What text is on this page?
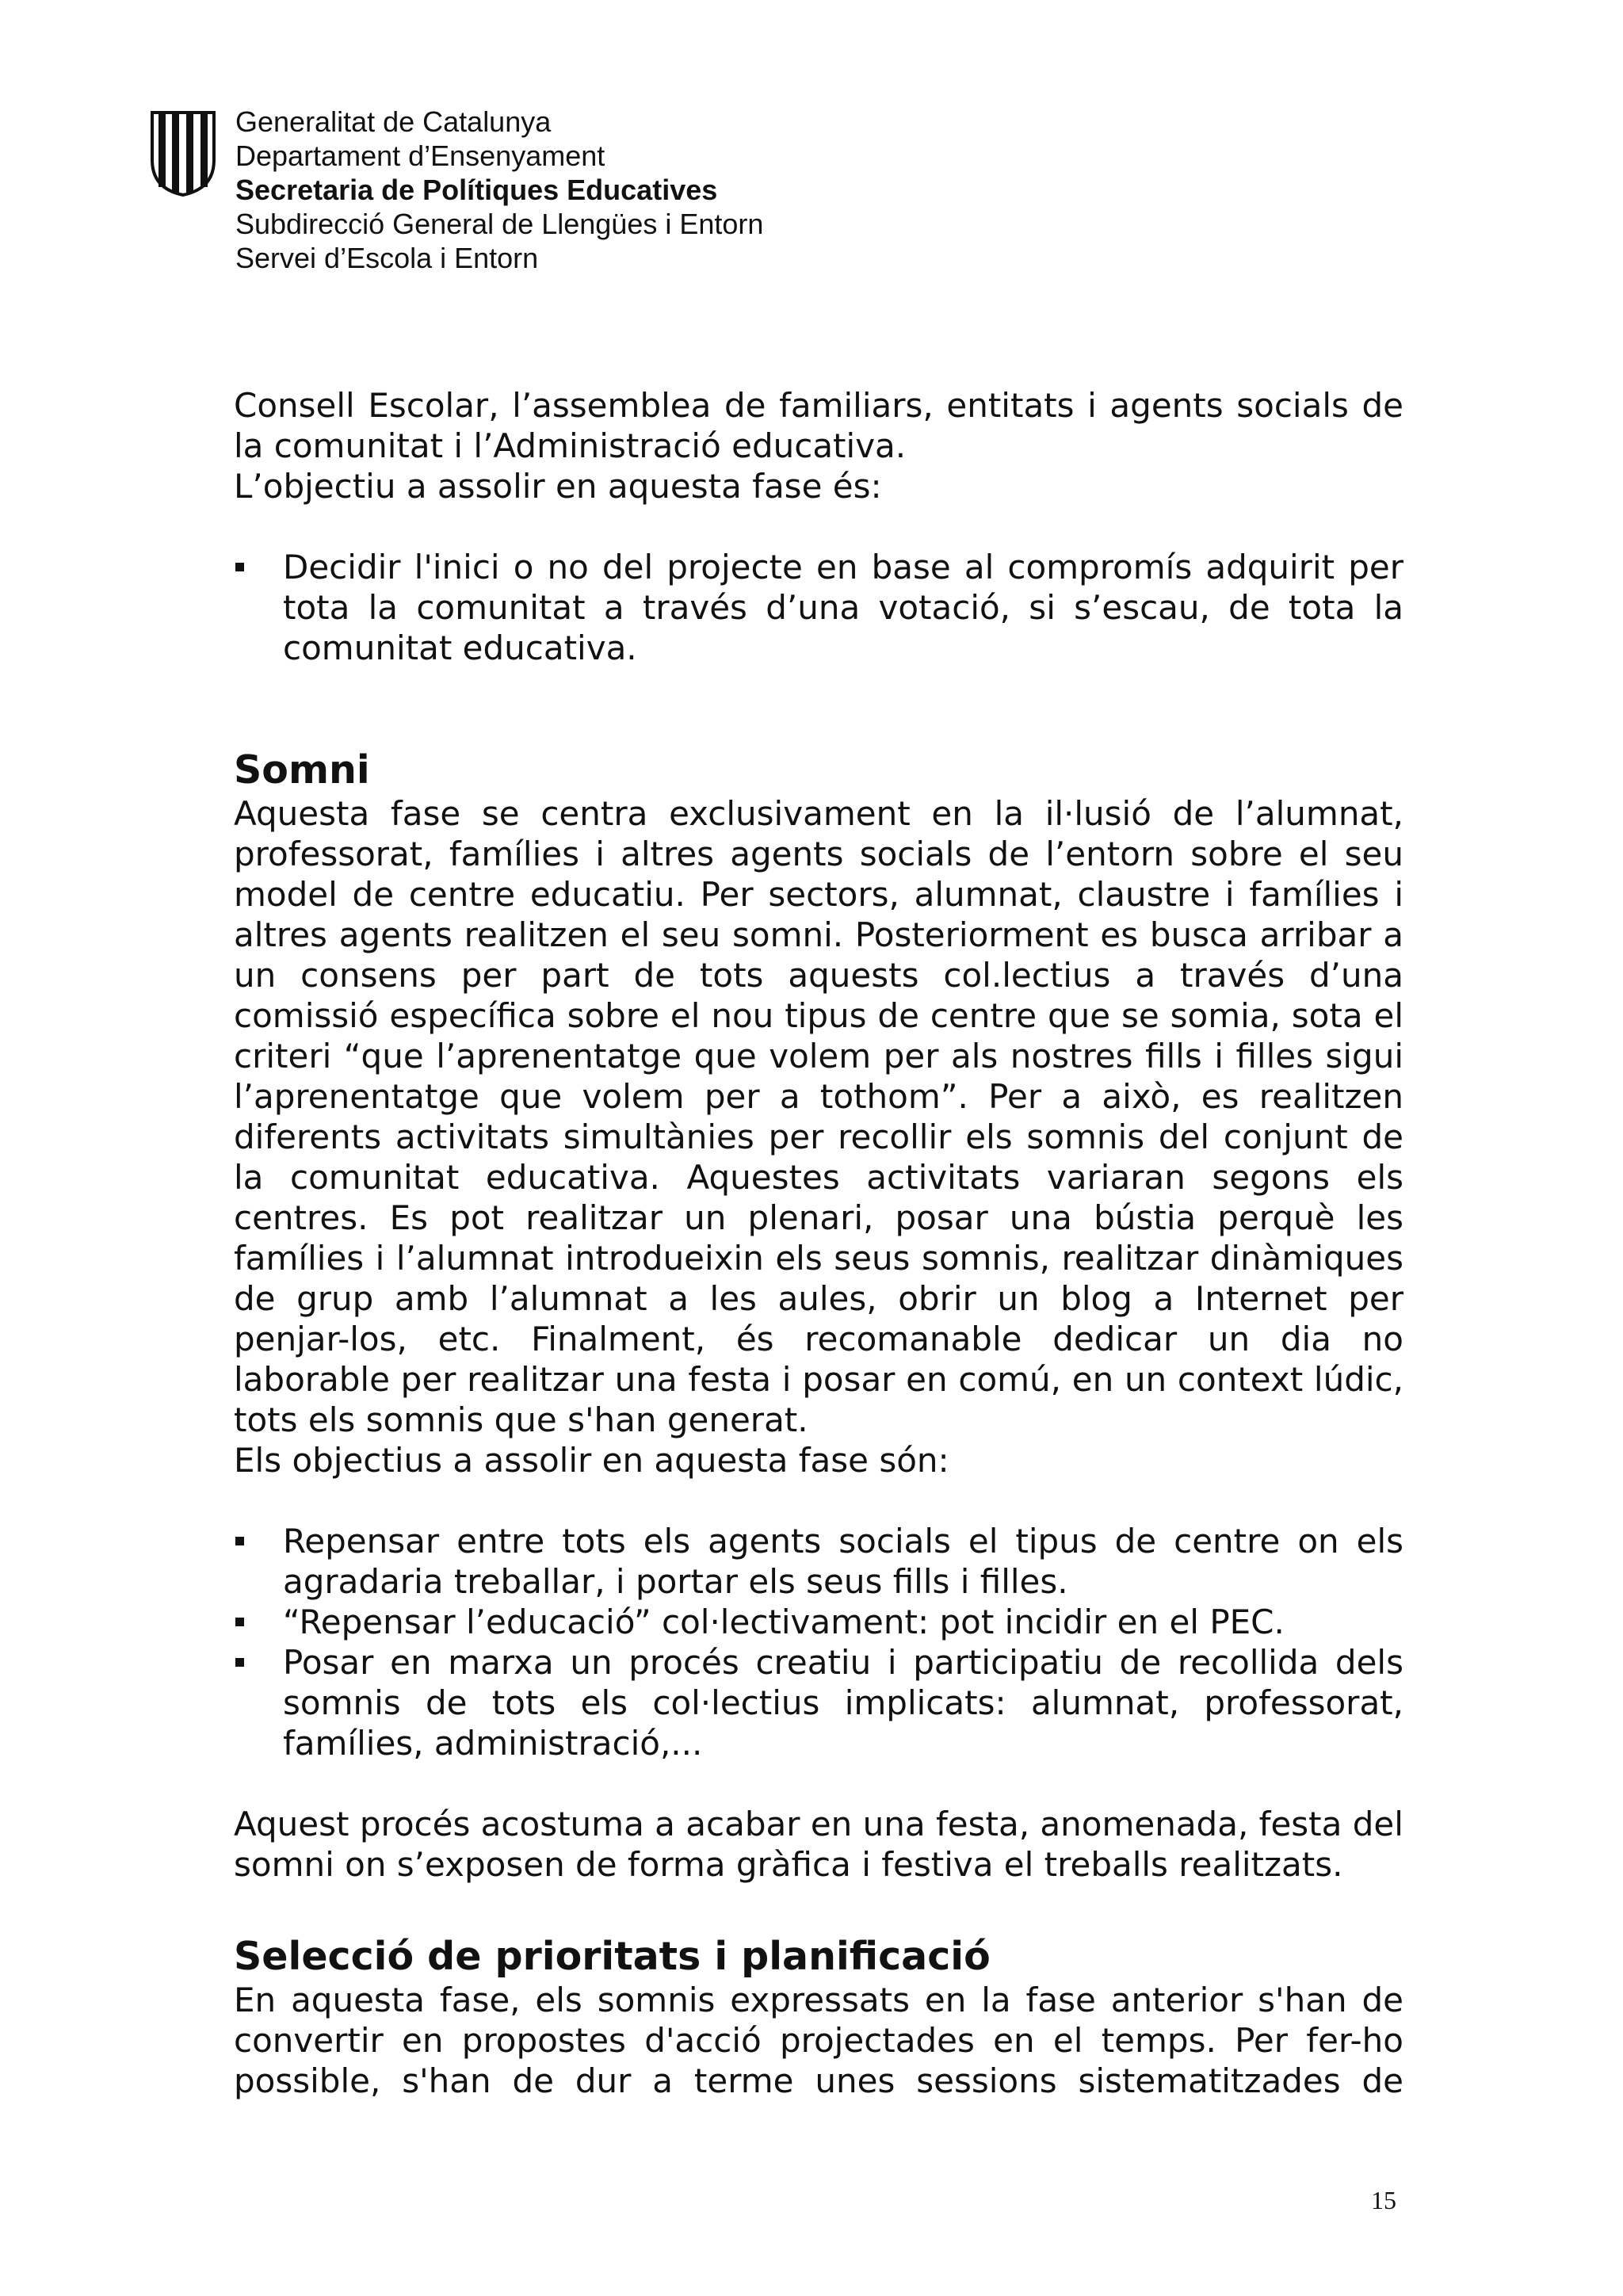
Generalitat de Catalunya
Departament d’Ensenyament
Secretaria de Polítiques Educatives
Subdirecció General de Llengües i Entorn
Servei d’Escola i Entorn

Consell Escolar, l’assemblea de familiars, entitats i agents socials de la comunitat i l’Administració educativa.

L’objectiu a assolir en aquesta fase és:

Decidir l'inici o no del projecte en base al compromís adquirit per tota la comunitat a través d’una votació, si s’escau, de tota la comunitat educativa.
Somni

Aquesta fase se centra exclusivament en la il·lusió de l’alumnat, professorat, famílies i altres agents socials de l’entorn sobre el seu model de centre educatiu. Per sectors, alumnat, claustre i famílies i altres agents realitzen el seu somni. Posteriorment es busca arribar a un consens per part de tots aquests col.lectius a través d’una comissió específica sobre el nou tipus de centre que se somia, sota el criteri “que l’aprenentatge que volem per als nostres fills i filles sigui l’aprenentatge que volem per a tothom”. Per a això, es realitzen diferents activitats simultànies per recollir els somnis del conjunt de la comunitat educativa. Aquestes activitats variaran segons els centres. Es pot realitzar un plenari, posar una bústia perquè les famílies i l’alumnat introdueixin els seus somnis, realitzar dinàmiques de grup amb l’alumnat a les aules, obrir un blog a Internet per penjar-los, etc. Finalment, és recomanable dedicar un dia no laborable per realitzar una festa i posar en comú, en un context lúdic, tots els somnis que s'han generat.

Els objectius a assolir en aquesta fase són:

Repensar entre tots els agents socials el tipus de centre on els agradaria treballar, i portar els seus fills i filles.
“Repensar l’educació” col·lectivament: pot incidir en el PEC.
Posar en marxa un procés creatiu i participatiu de recollida dels somnis de tots els col·lectius implicats: alumnat, professorat, famílies, administració,...

Aquest procés acostuma a acabar en una festa, anomenada, festa del somni on s’exposen de forma gràfica i festiva el treballs realitzats.

Selecció de prioritats i planificació

En aquesta fase, els somnis expressats en la fase anterior s'han de convertir en propostes d'acció projectades en el temps. Per fer-ho possible, s'han de dur a terme unes sessions sistematitzades de

15
